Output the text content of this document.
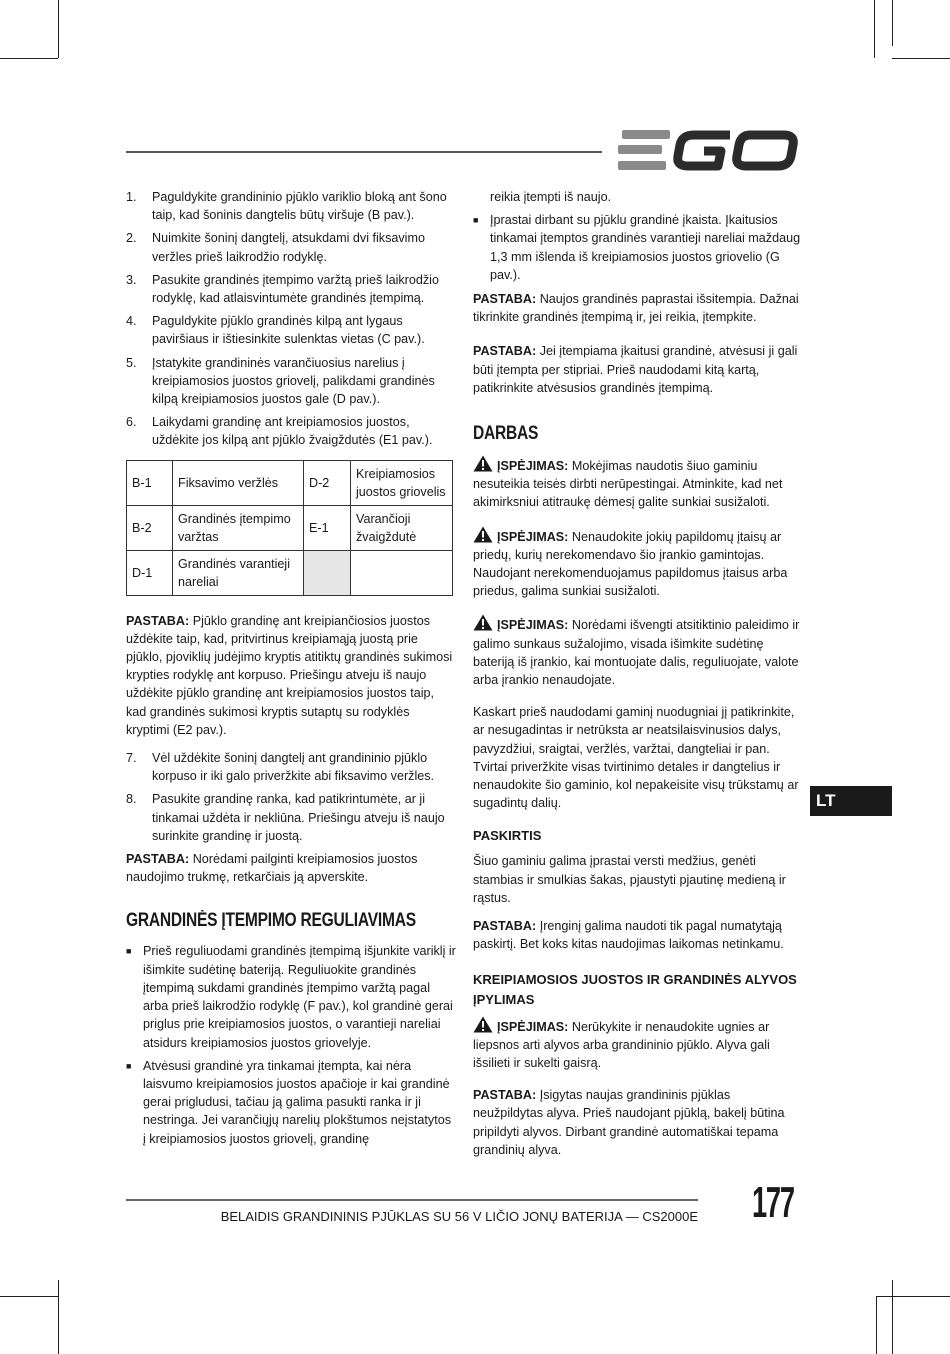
1.	Paguldykite grandininio pjūklo variklio bloką ant šono taip, kad šoninis dangtelis būtų viršuje (B pav.).
2.	Nuimkite šoninį dangtelį, atsukdami dvi fiksavimo veržles prieš laikrodžio rodyklę.
3.	Pasukite grandinės įtempimo varžtą prieš laikrodžio rodyklę, kad atlaisvintumėte grandinės įtempimą.
4.	Paguldykite pjūklo grandinės kilpą ant lygaus paviršiaus ir ištiesinkite sulenktas vietas (C pav.).
5.	Įstatykite grandininės varančiuosius narelius į kreipiamosios juostos griovelį, palikdami grandinės kilpą kreipiamosios juostos gale (D pav.).
6.	Laikydami grandinę ant kreipiamosios juostos, uždėkite jos kilpą ant pjūklo žvaigždutės (E1 pav.).
B-1	Fiksavimo veržlės	D-2	Kreipiamosios juostos griovelis
B-2	Grandinės įtempimo varžtas	E-1	Varančioji žvaigždutė
D-1	Grandinės varantieji nareliai		

PASTABA: Pjūklo grandinę ant kreipiančiosios juostos uždėkite taip, kad, pritvirtinus kreipiamąją juostą prie pjūklo, pjoviklių judėjimo kryptis atitiktų grandinės sukimosi krypties rodyklę ant korpuso. Priešingu atveju iš naujo uždėkite pjūklo grandinę ant kreipiamosios juostos taip, kad grandinės sukimosi kryptis sutaptų su rodyklės kryptimi (E2 pav.).

7.	Vėl uždėkite šoninį dangtelį ant grandininio pjūklo korpuso ir iki galo priveržkite abi fiksavimo veržles.
8.	Pasukite grandinę ranka, kad patikrintumėte, ar ji tinkamai uždėta ir nekliūna. Priešingu atveju iš naujo surinkite grandinę ir juostą.

PASTABA: Norėdami pailginti kreipiamosios juostos naudojimo trukmę, retkarčiais ją apverskite.

GRANDINĖS ĮTEMPIMO REGULIAVIMAS
■ Prieš reguliuodami grandinės įtempimą išjunkite variklį ir išimkite sudėtinę bateriją. Reguliuokite grandinės įtempimą sukdami grandinės įtempimo varžtą pagal arba prieš laikrodžio rodyklę (F pav.), kol grandinė gerai priglus prie kreipiamosios juostos, o varantieji nareliai atsidurs kreipiamosios juostos griovelyje.
■ Atvėsusi grandinė yra tinkamai įtempta, kai nėra laisvumo kreipiamosios juostos apačioje ir kai grandinė gerai prigludusi, tačiau ją galima pasukti ranka ir ji nestringa. Jei varančiųjų narelių plokštumos neįstatytos į kreipiamosios juostos griovelį, grandinę
reikia įtempti iš naujo.
■ Įprastai dirbant su pjūklu grandinė įkaista. Įkaitusios tinkamai įtemptos grandinės varantieji nareliai maždaug 1,3 mm išlenda iš kreipiamosios juostos griovelio (G pav.).

PASTABA: Naujos grandinės paprastai išsitempia. Dažnai tikrinkite grandinės įtempimą ir, jei reikia, įtempkite.

PASTABA: Jei įtempiama įkaitusi grandinė, atvėsusi ji gali būti įtempta per stipriai. Prieš naudodami kitą kartą, patikrinkite atvėsusios grandinės įtempimą.

DARBAS

ĮSPĖJIMAS: Mokėjimas naudotis šiuo gaminiu nesuteikia teisės dirbti nerūpestingai. Atminkite, kad net akimirksniui atitraukę dėmesį galite sunkiai susižaloti.

ĮSPĖJIMAS: Nenaudokite jokių papildomų įtaisų ar priedų, kurių nerekomendavo šio įrankio gamintojas. Naudojant nerekomenduojamus papildomus įtaisus arba priedus, galima sunkiai susižaloti.

ĮSPĖJIMAS: Norėdami išvengti atsitiktinio paleidimo ir galimo sunkaus sužalojimo, visada išimkite sudėtinę bateriją iš įrankio, kai montuojate dalis, reguliuojate, valote arba įrankio nenaudojate.

Kaskart prieš naudodami gaminį nuodugniai jį patikrinkite, ar nesugadintas ir netrūksta ar neatsilaisvinusios dalys, pavyzdžiui, sraigtai, veržlės, varžtai, dangteliai ir pan. Tvirtai priveržkite visas tvirtinimo detales ir dangtelius ir nenaudokite šio gaminio, kol nepakeisite visų trūkstamų ar sugadintų dalių.

PASKIRTIS

Šiuo gaminiu galima įprastai versti medžius, genėti stambias ir smulkias šakas, pjaustyti pjautinę medieną ir rąstus.

PASTABA: Įrenginį galima naudoti tik pagal numatytąją paskirtį. Bet koks kitas naudojimas laikomas netinkamu.

KREIPIAMOSIOS JUOSTOS IR GRANDINĖS ALYVOS ĮPYLIMAS

ĮSPĖJIMAS: Nerūkykite ir nenaudokite ugnies ar liepsnos arti alyvos arba grandininio pjūklo. Alyva gali išsilieti ir sukelti gaisrą.

PASTABA: Įsigytas naujas grandininis pjūklas neužpildytas alyva. Prieš naudojant pjūklą, bakelį būtina pripildyti alyvos. Dirbant grandinė automatiškai tepama grandinių alyva.

LT
BELAIDIS GRANDININIS PJŪKLAS SU 56 V LIČIO JONŲ BATERIJA — CS2000E 177
